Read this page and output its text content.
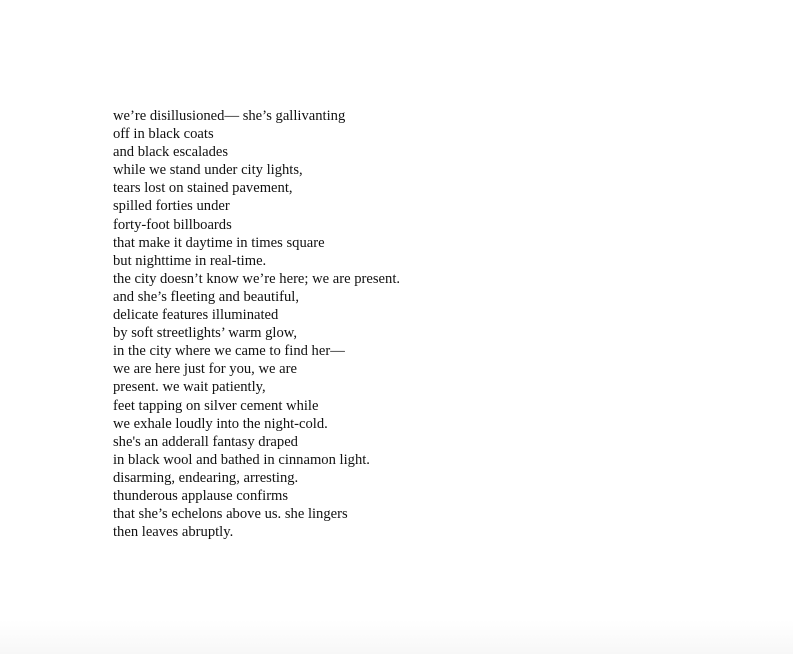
we’re disillusioned— she’s gallivanting
off in black coats
and black escalades
while we stand under city lights,
tears lost on stained pavement,
spilled forties under
forty-foot billboards
that make it daytime in times square
but nighttime in real-time.
the city doesn’t know we’re here; we are present.
and she’s fleeting and beautiful,
delicate features illuminated
by soft streetlights’ warm glow,
in the city where we came to find her—
we are here just for you, we are
present. we wait patiently,
feet tapping on silver cement while
we exhale loudly into the night-cold.
she's an adderall fantasy draped
in black wool and bathed in cinnamon light.
disarming, endearing, arresting.
thunderous applause confirms
that she’s echelons above us. she lingers
then leaves abruptly.
